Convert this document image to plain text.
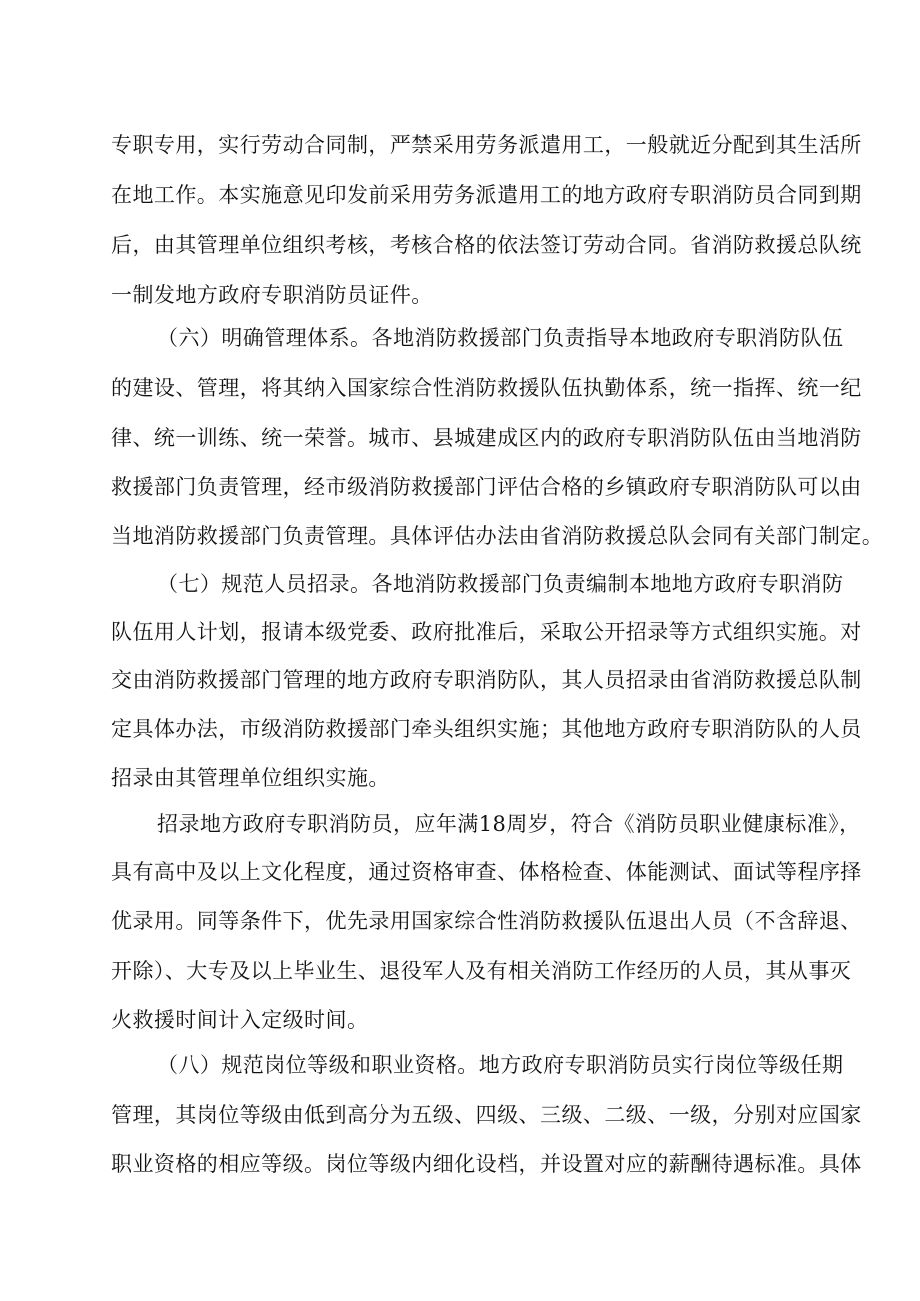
专职专用，实行劳动合同制，严禁采用劳务派遣用工，一般就近分配到其生活所
在地工作。本实施意见印发前采用劳务派遣用工的地方政府专职消防员合同到期
后，由其管理单位组织考核，考核合格的依法签订劳动合同。省消防救援总队统
一制发地方政府专职消防员证件。
（六）明确管理体系。各地消防救援部门负责指导本地政府专职消防队伍
的建设、管理，将其纳入国家综合性消防救援队伍执勤体系，统一指挥、统一纪
律、统一训练、统一荣誉。城市、县城建成区内的政府专职消防队伍由当地消防
救援部门负责管理，经市级消防救援部门评估合格的乡镇政府专职消防队可以由
当地消防救援部门负责管理。具体评估办法由省消防救援总队会同有关部门制定。
（七）规范人员招录。各地消防救援部门负责编制本地地方政府专职消防
队伍用人计划，报请本级党委、政府批准后，采取公开招录等方式组织实施。对
交由消防救援部门管理的地方政府专职消防队，其人员招录由省消防救援总队制
定具体办法，市级消防救援部门牵头组织实施；其他地方政府专职消防队的人员
招录由其管理单位组织实施。
招录地方政府专职消防员，应年满18周岁，符合《消防员职业健康标准》，
具有高中及以上文化程度，通过资格审查、体格检查、体能测试、面试等程序择
优录用。同等条件下，优先录用国家综合性消防救援队伍退出人员（不含辞退、
开除）、大专及以上毕业生、退役军人及有相关消防工作经历的人员，其从事灭
火救援时间计入定级时间。
（八）规范岗位等级和职业资格。地方政府专职消防员实行岗位等级任期
管理，其岗位等级由低到高分为五级、四级、三级、二级、一级，分别对应国家
职业资格的相应等级。岗位等级内细化设档，并设置对应的薪酬待遇标准。具体
